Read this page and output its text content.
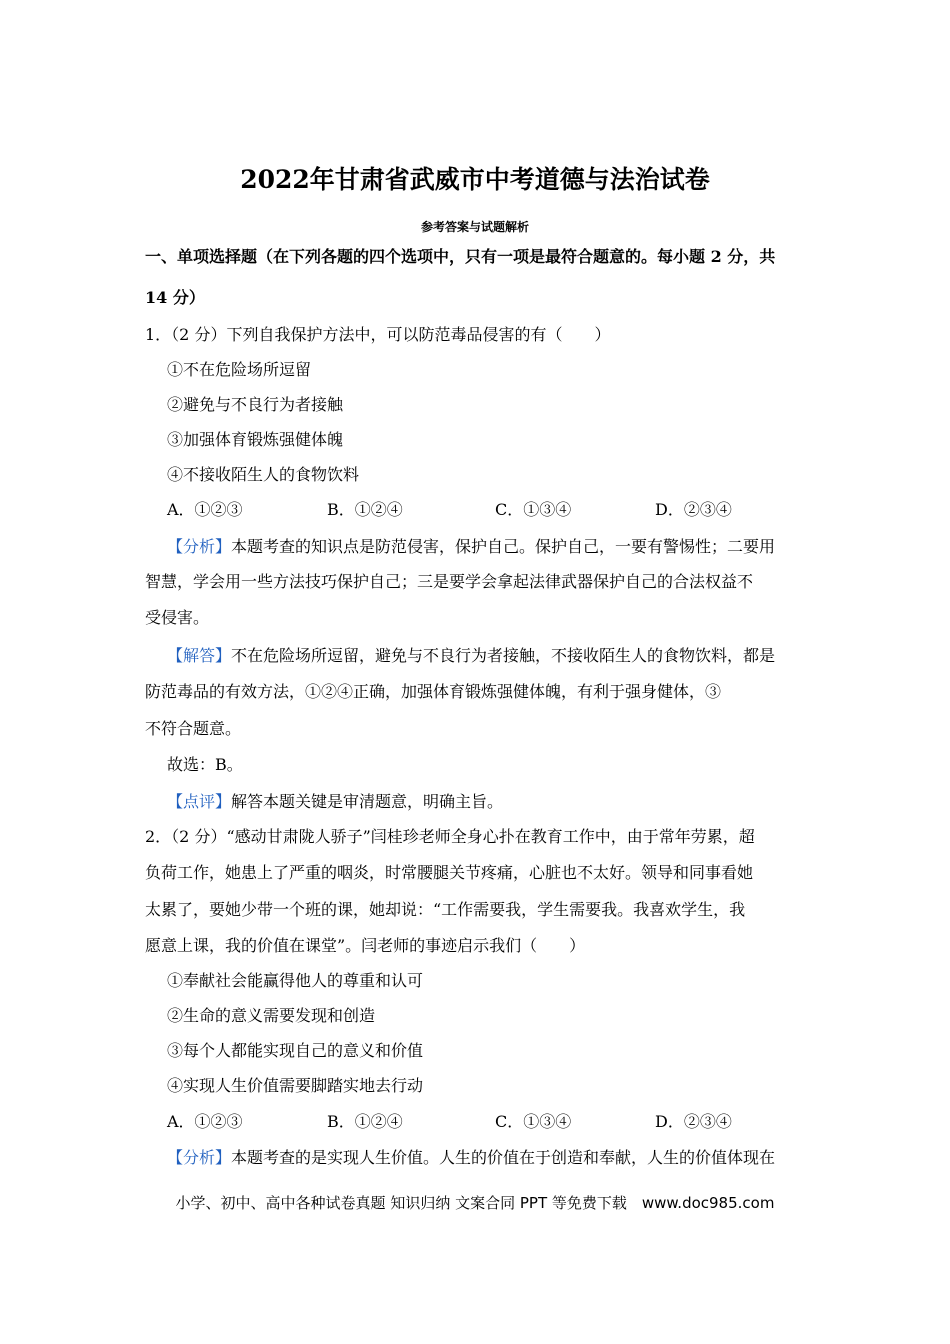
2022年甘肃省武威市中考道德与法治试卷
参考答案与试题解析
一、单项选择题（在下列各题的四个选项中，只有一项是最符合题意的。每小题 2 分，共
14 分）
1．（2 分）下列自我保护方法中，可以防范毒品侵害的有（　　）
①不在危险场所逗留
②避免与不良行为者接触
③加强体育锻炼强健体魄
④不接收陌生人的食物饮料
A．①②③	B．①②④	C．①③④	D．②③④
【分析】本题考查的知识点是防范侵害，保护自己。保护自己，一要有警惕性；二要用
智慧，学会用一些方法技巧保护自己；三是要学会拿起法律武器保护自己的合法权益不
受侵害。
【解答】不在危险场所逗留，避免与不良行为者接触，不接收陌生人的食物饮料，都是
防范毒品的有效方法，①②④正确，加强体育锻炼强健体魄，有利于强身健体，③
不符合题意。
故选：B。
【点评】解答本题关键是审清题意，明确主旨。
2．（2 分）“感动甘肃陇人骄子”闫桂珍老师全身心扑在教育工作中，由于常年劳累，超
负荷工作，她患上了严重的咽炎，时常腰腿关节疼痛，心脏也不太好。领导和同事看她
太累了，要她少带一个班的课，她却说：“工作需要我，学生需要我。我喜欢学生，我
愿意上课，我的价值在课堂”。闫老师的事迹启示我们（　　）
①奉献社会能赢得他人的尊重和认可
②生命的意义需要发现和创造
③每个人都能实现自己的意义和价值
④实现人生价值需要脚踏实地去行动
A．①②③	B．①②④	C．①③④	D．②③④
【分析】本题考查的是实现人生价值。人生的价值在于创造和奉献，人生的价值体现在
小学、初中、高中各种试卷真题 知识归纳 文案合同 PPT 等免费下载　www.doc985.com
